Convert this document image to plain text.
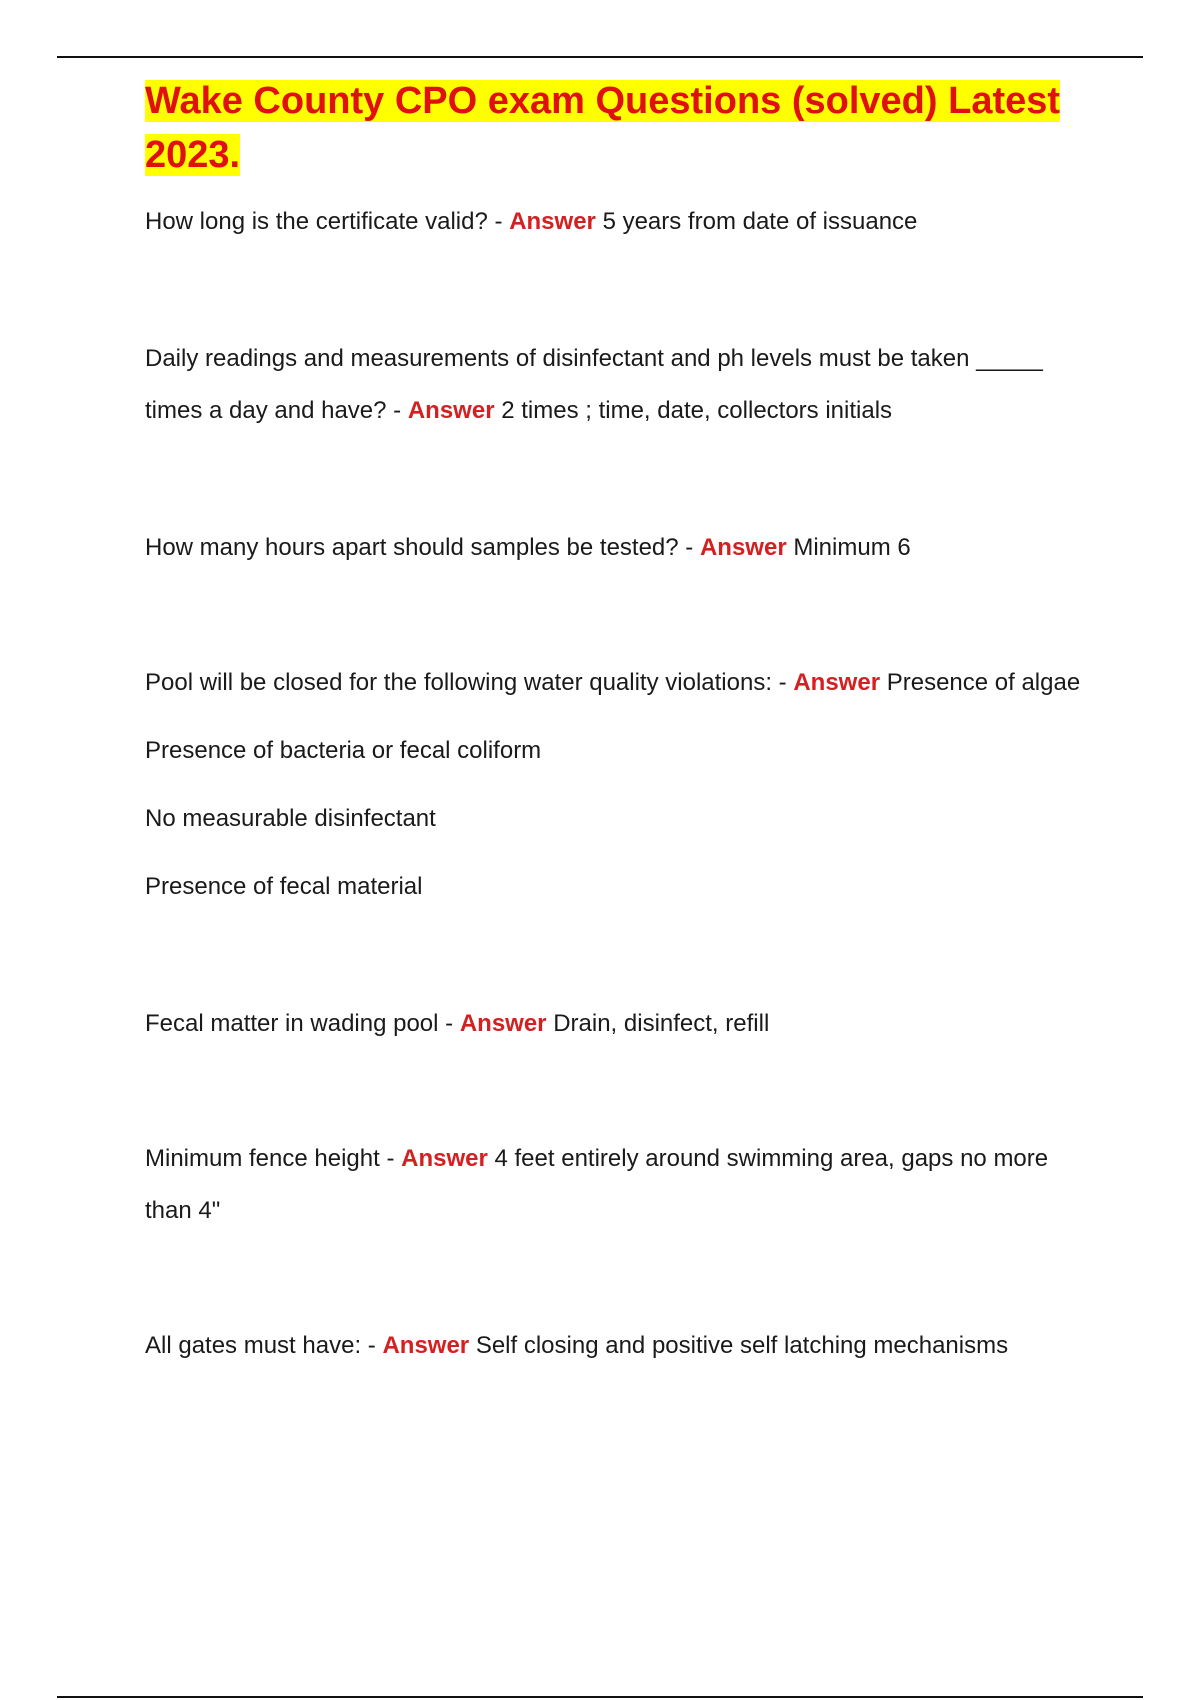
Wake County CPO exam Questions (solved) Latest 2023.

How long is the certificate valid? - Answer 5 years from date of issuance

Daily readings and measurements of disinfectant and ph levels must be taken _____ times a day and have? - Answer 2 times ; time, date, collectors initials

How many hours apart should samples be tested? - Answer Minimum 6

Pool will be closed for the following water quality violations: - Answer Presence of algae

Presence of bacteria or fecal coliform

No measurable disinfectant

Presence of fecal material

Fecal matter in wading pool - Answer Drain, disinfect, refill

Minimum fence height - Answer 4 feet entirely around swimming area, gaps no more than 4"

All gates must have: - Answer Self closing and positive self latching mechanisms
